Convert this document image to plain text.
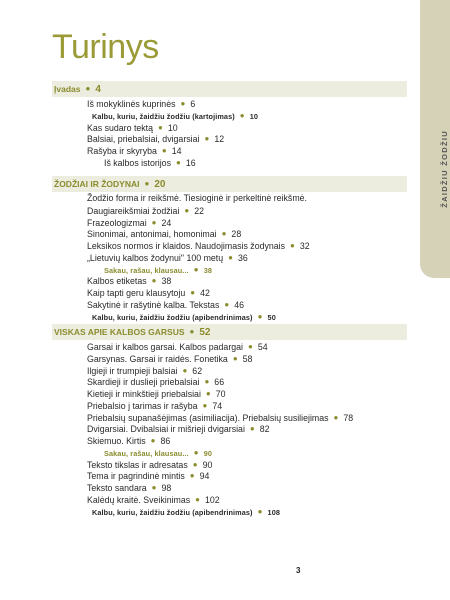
ŽAIDŽIU ŽODŽIU
Turinys
Įvadas ● 4
Iš mokyklinės kuprinės ● 6
Kalbu, kuriu, žaidžiu žodžiu (kartojimas) ● 10
Kas sudaro tektą ● 10
Balsiai, priebalsiai, dvigarsiai ● 12
Rašyba ir skyryba ● 14
Iš kalbos istorijos ● 16
ŽODŽIAI IR ŽODYNAI ● 20
Žodžio forma ir reikšmė. Tiesioginė ir perkeltinė reikšmė.
Daugiareikšmiai žodžiai ● 22
Frazeologizmai ● 24
Sinonimai, antonimai, homonimai ● 28
Leksikos normos ir klaidos. Naudojimasis žodynais ● 32
„Lietuvių kalbos žodynui" 100 metų ● 36
Sakau, rašau, klausau... ● 38
Kalbos etiketas ● 38
Kaip tapti geru klausytoju ● 42
Sakytinė ir rašytinė kalba. Tekstas ● 46
Kalbu, kuriu, žaidžiu žodžiu (apibendrinimas) ● 50
VISKAS APIE KALBOS GARSUS ● 52
Garsai ir kalbos garsai. Kalbos padargai ● 54
Garsynas. Garsai ir raidės. Fonetika ● 58
Ilgieji ir trumpieji balsiai ● 62
Skardieji ir duslieji priebalsiai ● 66
Kietieji ir minkštieji priebalsiai ● 70
Priebalsio j tarimas ir rašyba ● 74
Priebalsių supanašėjimas (asimiliacija). Priebalsių susiliejimas ● 78
Dvigarsiai. Dvibalsiai ir mišrieji dvigarsiai ● 82
Skiemuo. Kirtis ● 86
Sakau, rašau, klausau... ● 90
Teksto tikslas ir adresatas ● 90
Tema ir pagrindinė mintis ● 94
Teksto sandara ● 98
Kalėdų kraitė. Sveikinimas ● 102
Kalbu, kuriu, žaidžiu žodžiu (apibendrinimas) ● 108
3
